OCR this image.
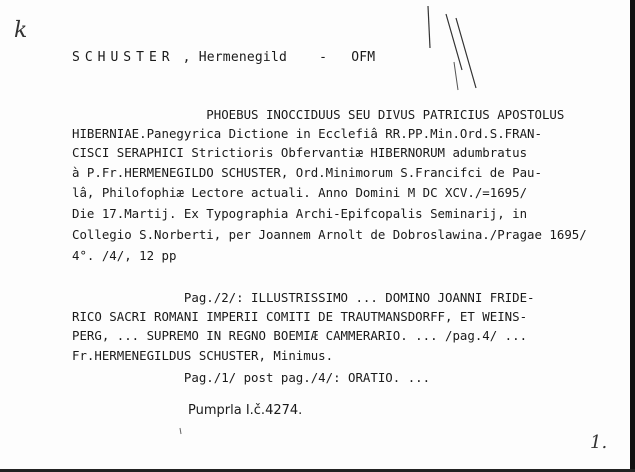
k
SCHUSTER , Hermenegild - OFM
PHOEBUS INOCCIDUUS SEU DIVUS PATRICIUS APOSTOLUS
HIBERNIAE.Panegyrica Dictione in Ecclefiâ RR.PP.Min.Ord.S.FRAN-
CISCI SERAPHICI Strictioris Obfervantiæ HIBERNORUM adumbratus
à P.Fr.HERMENEGILDO SCHUSTER, Ord.Minimorum S.Francifci de Pau-
lâ, Philofophiæ Lectore actuali. Anno Domini M DC XCV./=1695/
Die 17.Martij. Ex Typographia Archi-Epifcopalis Seminarij, in
Collegio S.Norberti, per Joannem Arnolt de Dobroslawina./Pragae 1695/
4°. /4/, 12 pp
Pag./2/: ILLUSTRISSIMO ... DOMINO JOANNI FRIDE-
RICO SACRI ROMANI IMPERII COMITI DE TRAUTMANSDORFF, ET WEINS-
PERG, ... SUPREMO IN REGNO BOEMIÆ CAMMERARIO. ... /pag.4/ ...
Fr.HERMENEGILDUS SCHUSTER, Minimus.
Pag./1/ post pag./4/: ORATIO. ...
Pumprla I.č.4274.
1.
